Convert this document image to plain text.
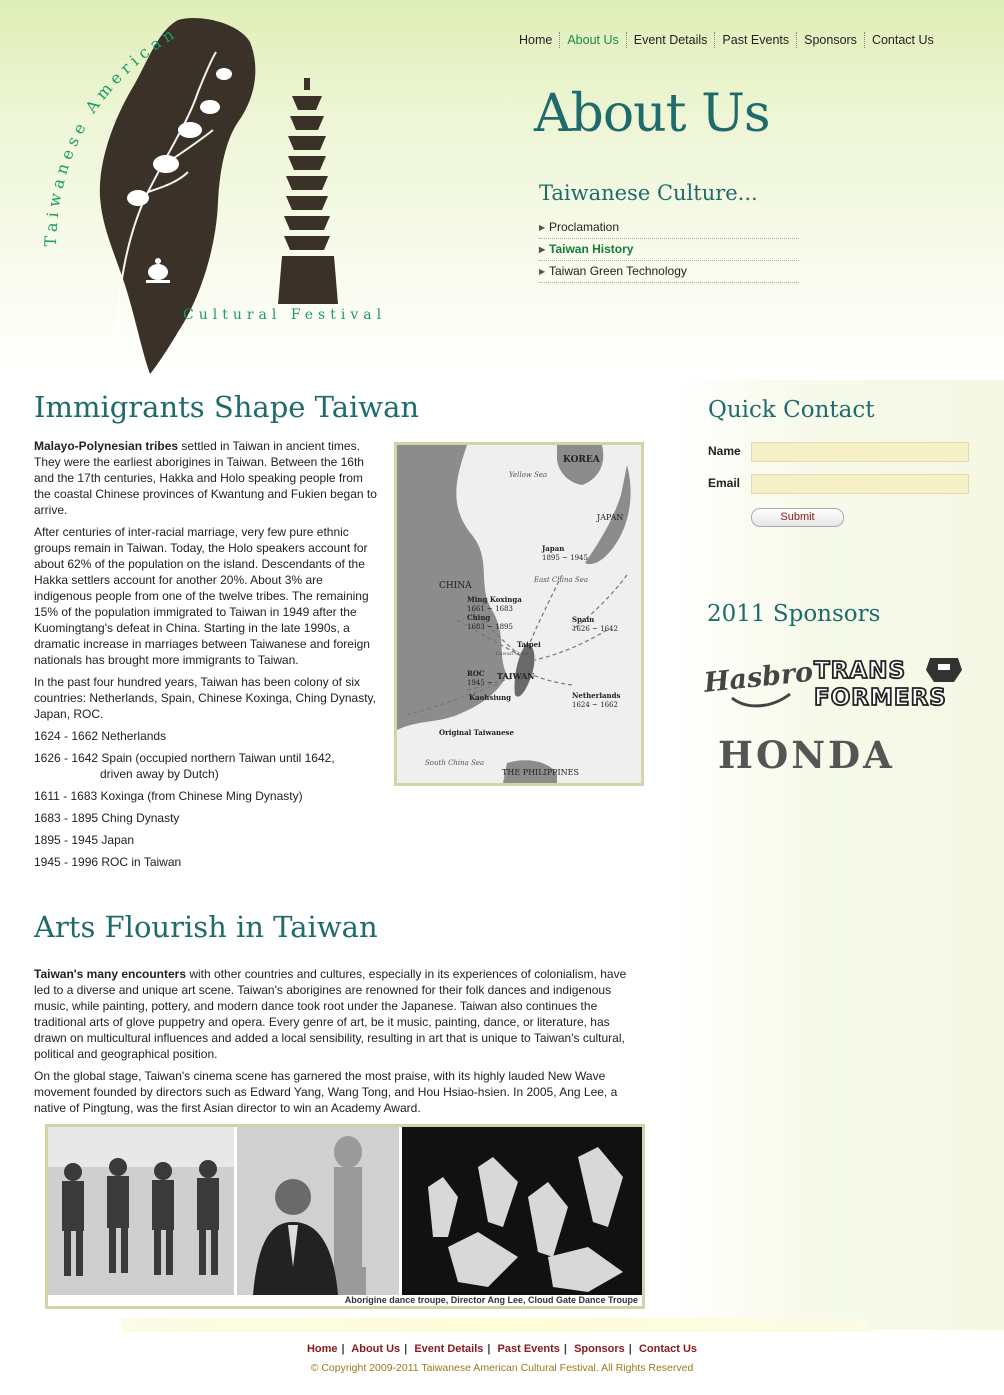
Taiwanese American
Cultural Festival
Home	About Us	Event Details	Past Events	Sponsors	Contact Us
About Us
Taiwanese Culture...
▶ Proclamation
▶ Taiwan History
▶ Taiwan Green Technology
Immigrants Shape Taiwan

Malayo-Polynesian tribes settled in Taiwan in ancient times. They were the earliest aborigines in Taiwan. Between the 16th and the 17th centuries, Hakka and Holo speaking people from the coastal Chinese provinces of Kwantung and Fukien began to arrive.

After centuries of inter-racial marriage, very few pure ethnic groups remain in Taiwan. Today, the Holo speakers account for about 62% of the population on the island. Descendants of the Hakka settlers account for another 20%. About 3% are indigenous people from one of the twelve tribes. The remaining 15% of the population immigrated to Taiwan in 1949 after the Kuomingtang's defeat in China. Starting in the late 1990s, a dramatic increase in marriages between Taiwanese and foreign nationals has brought more immigrants to Taiwan.

In the past four hundred years, Taiwan has been colony of six countries: Netherlands, Spain, Chinese Koxinga, Ching Dynasty, Japan, ROC.

1624 - 1662 Netherlands
1626 - 1642 Spain (occupied northern Taiwan until 1642,
driven away by Dutch)
1611 - 1683 Koxinga (from Chinese Ming Dynasty)
1683 - 1895 Ching Dynasty
1895 - 1945 Japan
1945 - 1996 ROC in Taiwan
KOREA
Yellow Sea
JAPAN
CHINA
Japan
1895 ~ 1945
East China Sea
Ming Koxinga
1661 ~ 1683
Ching
1683 ~ 1895
Spain
1626 ~ 1642
Taipei
Taiwan Strait
ROC
1945 ~
TAIWAN
Kaohsiung	Netherlands
1624 ~ 1662
Original Taiwanese
South China Sea
THE PHILIPPINES
Arts Flourish in Taiwan

Taiwan's many encounters with other countries and cultures, especially in its experiences of colonialism, have led to a diverse and unique art scene. Taiwan's aborigines are renowned for their folk dances and indigenous music, while painting, pottery, and modern dance took root under the Japanese. Taiwan also continues the traditional arts of glove puppetry and opera. Every genre of art, be it music, painting, dance, or literature, has drawn on multicultural influences and added a local sensibility, resulting in art that is unique to Taiwan's cultural, political and geographical position.

On the global stage, Taiwan's cinema scene has garnered the most praise, with its highly lauded New Wave movement founded by directors such as Edward Yang, Wang Tong, and Hou Hsiao-hsien. In 2005, Ang Lee, a native of Pingtung, was the first Asian director to win an Academy Award.

Aborigine dance troupe, Director Ang Lee, Cloud Gate Dance Troupe
Quick Contact
Name
Email
Submit
2011 Sponsors
Hasbro TRANS
FORMERS
HONDA
Home | About Us | Event Details | Past Events | Sponsors | Contact Us
© Copyright 2009-2011 Taiwanese American Cultural Festival. All Rights Reserved
